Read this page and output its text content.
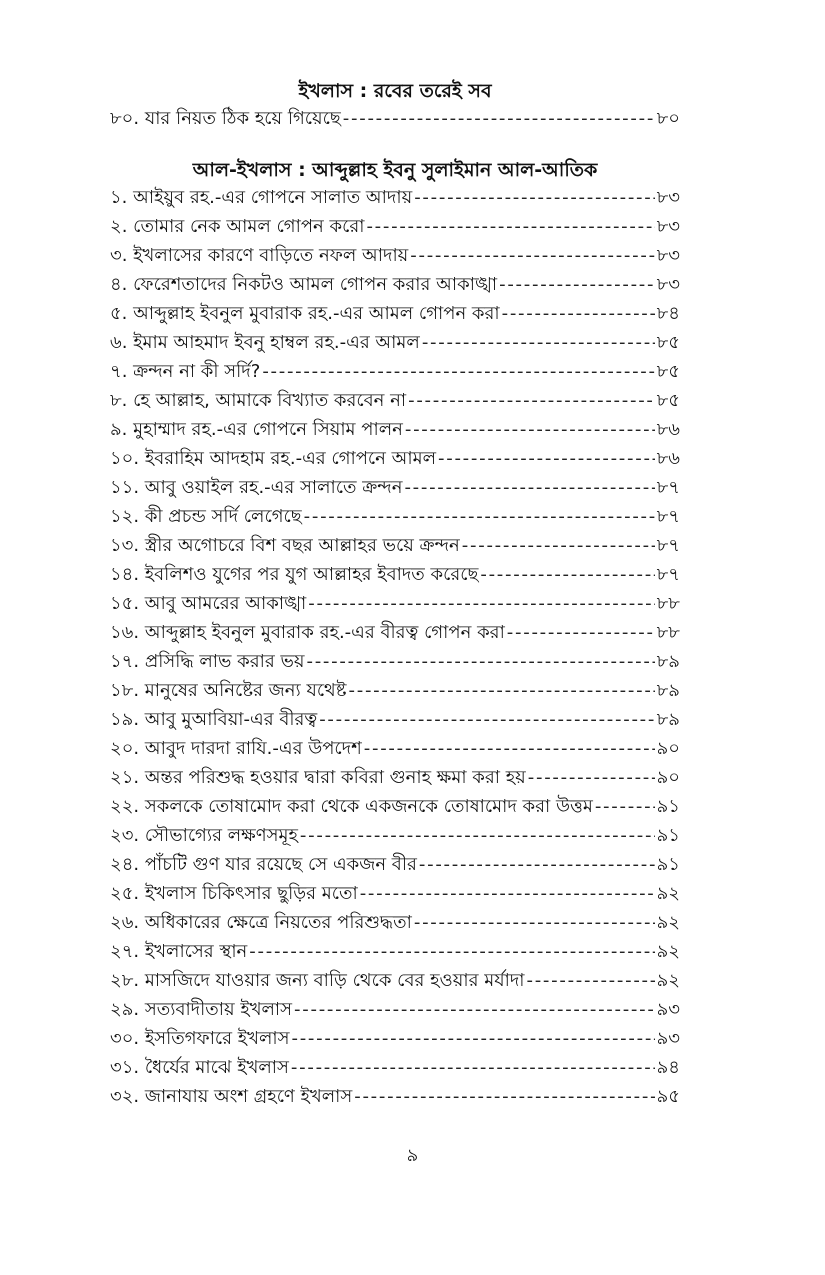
ইখলাস : রবের তরেই সব
৮০. যার নিয়ত ঠিক হয়ে গিয়েছে - - -	৮০
আল-ইখলাস : আব্দুল্লাহ ইবনু সুলাইমান আল-আতিক
১. আইয়ুব রহ.-এর গোপনে সালাত আদায় - - -	৮৩
২. তোমার নেক আমল গোপন করো - - -	৮৩
৩. ইখলাসের কারণে বাড়িতে নফল আদায় - - -	৮৩
৪. ফেরেশতাদের নিকটও আমল গোপন করার আকাঙ্খা - - -	৮৩
৫. আব্দুল্লাহ ইবনুল মুবারাক রহ.-এর আমল গোপন করা - - -	৮৪
৬. ইমাম আহমাদ ইবনু হাম্বল রহ.-এর আমল - - -	৮৫
৭. ক্রন্দন না কী সর্দি? - - -	৮৫
৮. হে আল্লাহ, আমাকে বিখ্যাত করবেন না - - -	৮৫
৯. মুহাম্মাদ রহ.-এর গোপনে সিয়াম পালন - - -	৮৬
১০. ইবরাহিম আদহাম রহ.-এর গোপনে আমল - - -	৮৬
১১. আবু ওয়াইল রহ.-এর সালাতে ক্রন্দন - - -	৮৭
১২. কী প্রচন্ড সর্দি লেগেছে - - -	৮৭
১৩. স্ত্রীর অগোচরে বিশ বছর আল্লাহর ভয়ে ক্রন্দন - - -	৮৭
১৪. ইবলিশও যুগের পর যুগ আল্লাহর ইবাদত করেছে - - -	৮৭
১৫. আবু আমরের আকাঙ্খা - - -	৮৮
১৬. আব্দুল্লাহ ইবনুল মুবারাক রহ.-এর বীরত্ব গোপন করা - - -	৮৮
১৭. প্রসিদ্ধি লাভ করার ভয় - - -	৮৯
১৮. মানুষের অনিষ্টের জন্য যথেষ্ট - - -	৮৯
১৯. আবু মুআবিয়া-এর বীরত্ব - - -	৮৯
২০. আবুদ দারদা রাযি.-এর উপদেশ - - -	৯০
২১. অন্তর পরিশুদ্ধ হওয়ার দ্বারা কবিরা গুনাহ ক্ষমা করা হয় - - -	৯০
২২. সকলকে তোষামোদ করা থেকে একজনকে তোষামোদ করা উত্তম - - -	৯১
২৩. সৌভাগ্যের লক্ষণসমূহ - - -	৯১
২৪. পাঁচটি গুণ যার রয়েছে সে একজন বীর - - -	৯১
২৫. ইখলাস চিকিৎসার ছুড়ির মতো - - -	৯২
২৬. অধিকারের ক্ষেত্রে নিয়তের পরিশুদ্ধতা - - -	৯২
২৭. ইখলাসের স্থান - - -	৯২
২৮. মাসজিদে যাওয়ার জন্য বাড়ি থেকে বের হওয়ার মর্যাদা - - -	৯২
২৯. সত্যবাদীতায় ইখলাস - - -	৯৩
৩০. ইসতিগফারে ইখলাস - - -	৯৩
৩১. ধৈর্যের মাঝে ইখলাস - - -	৯৪
৩২. জানাযায় অংশ গ্রহণে ইখলাস - - -	৯৫
৯
